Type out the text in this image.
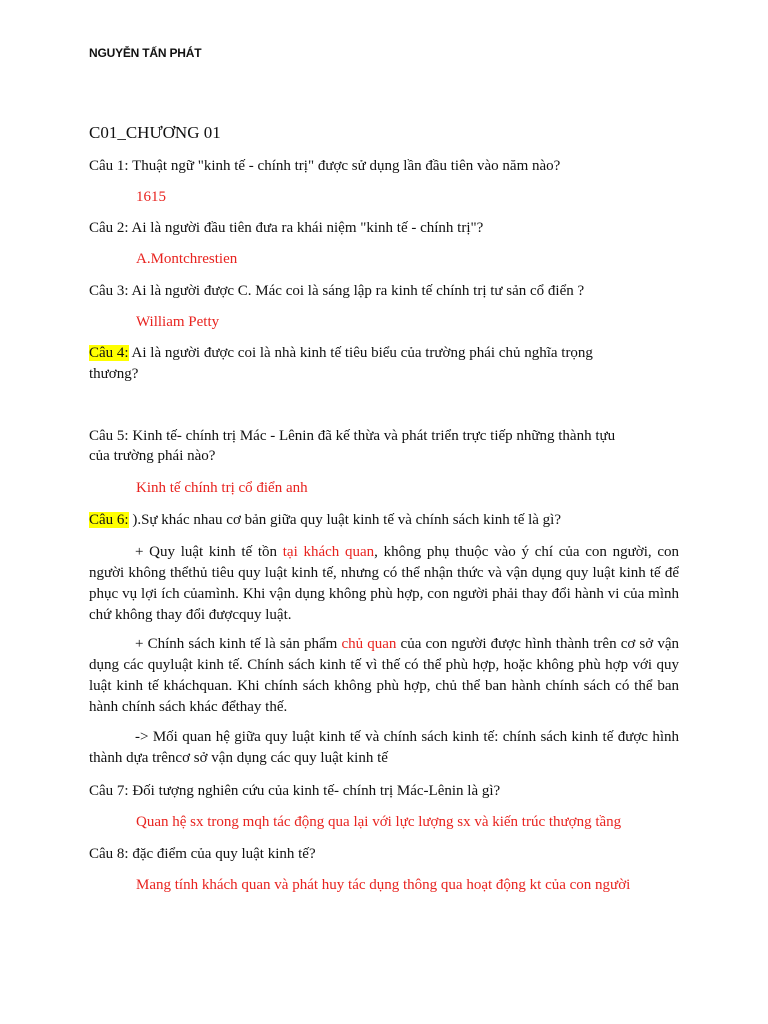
NGUYỄN TẤN PHÁT
C01_CHƯƠNG 01
Câu 1: Thuật ngữ "kinh tế - chính trị" được sử dụng lần đầu tiên vào năm nào?
1615
Câu 2: Ai là người đầu tiên đưa ra khái niệm "kinh tế - chính trị"?
A.Montchrestien
Câu 3: Ai là người được C. Mác coi là sáng lập ra kinh tế chính trị tư sản cổ điển ?
William Petty
Câu 4: Ai là người được coi là nhà kinh tế tiêu biểu của trường phái chủ nghĩa trọng
thương?
Câu 5: Kinh tế- chính trị Mác - Lênin đã kế thừa và phát triển trực tiếp những thành tựu
của trường phái nào?
Kinh tế chính trị cổ điển anh
Câu 6: ).Sự khác nhau cơ bản giữa quy luật kinh tế và chính sách kinh tế là gì?
+ Quy luật kinh tế tồn tại khách quan, không phụ thuộc vào ý chí của con người, con người không thểthủ tiêu quy luật kinh tế, nhưng có thể nhận thức và vận dụng quy luật kinh tế để phục vụ lợi ích củamình. Khi vận dụng không phù hợp, con người phải thay đổi hành vi của mình chứ không thay đổi đượcquy luật.
+ Chính sách kinh tế là sản phẩm chủ quan của con người được hình thành trên cơ sở vận dụng các quyluật kinh tế. Chính sách kinh tế vì thế có thể phù hợp, hoặc không phù hợp với quy luật kinh tế kháchquan. Khi chính sách không phù hợp, chủ thể ban hành chính sách có thể ban hành chính sách khác đểthay thế.
-> Mối quan hệ giữa quy luật kinh tế và chính sách kinh tế: chính sách kinh tế được hình thành dựa trêncơ sở vận dụng các quy luật kinh tế
Câu 7: Đối tượng nghiên cứu của kinh tế- chính trị Mác-Lênin là gì?
Quan hệ sx trong mqh tác động qua lại với lực lượng sx và kiến trúc thượng tầng
Câu 8: đặc điểm của quy luật kinh tế?
Mang tính khách quan và phát huy tác dụng thông qua hoạt động kt của con người
